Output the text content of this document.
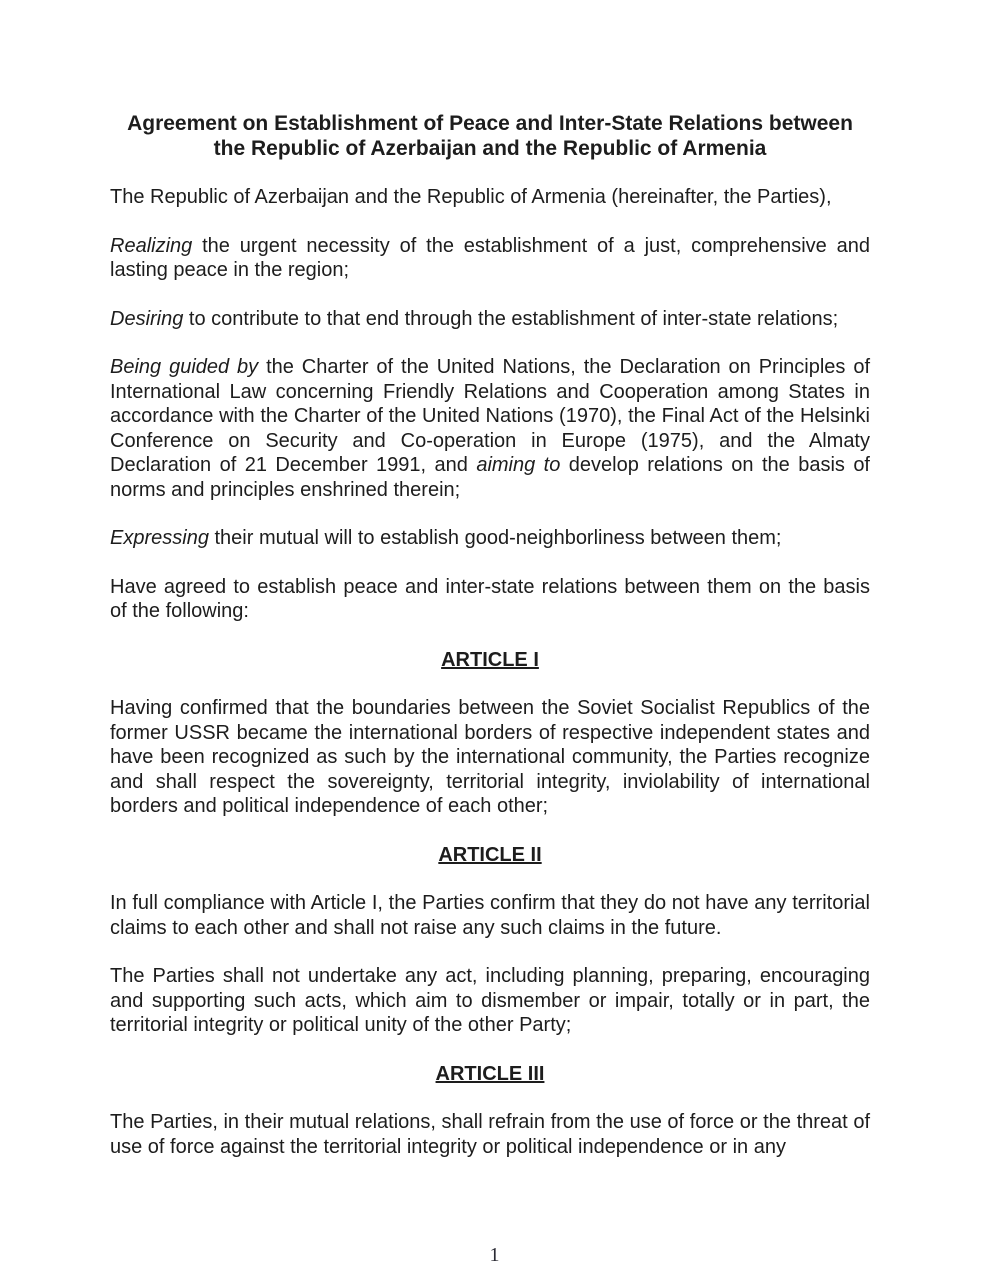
Agreement on Establishment of Peace and Inter-State Relations between
the Republic of Azerbaijan and the Republic of Armenia

The Republic of Azerbaijan and the Republic of Armenia (hereinafter, the Parties),

Realizing the urgent necessity of the establishment of a just, comprehensive and lasting peace in the region;

Desiring to contribute to that end through the establishment of inter-state relations;

Being guided by the Charter of the United Nations, the Declaration on Principles of International Law concerning Friendly Relations and Cooperation among States in accordance with the Charter of the United Nations (1970), the Final Act of the Helsinki Conference on Security and Co-operation in Europe (1975), and the Almaty Declaration of 21 December 1991, and aiming to develop relations on the basis of norms and principles enshrined therein;

Expressing their mutual will to establish good-neighborliness between them;

Have agreed to establish peace and inter-state relations between them on the basis of the following:

ARTICLE I

Having confirmed that the boundaries between the Soviet Socialist Republics of the former USSR became the international borders of respective independent states and have been recognized as such by the international community, the Parties recognize and shall respect the sovereignty, territorial integrity, inviolability of international borders and political independence of each other;

ARTICLE II

In full compliance with Article I, the Parties confirm that they do not have any territorial claims to each other and shall not raise any such claims in the future.

The Parties shall not undertake any act, including planning, preparing, encouraging and supporting such acts, which aim to dismember or impair, totally or in part, the territorial integrity or political unity of the other Party;

ARTICLE III

The Parties, in their mutual relations, shall refrain from the use of force or the threat of use of force against the territorial integrity or political independence or in any

1
